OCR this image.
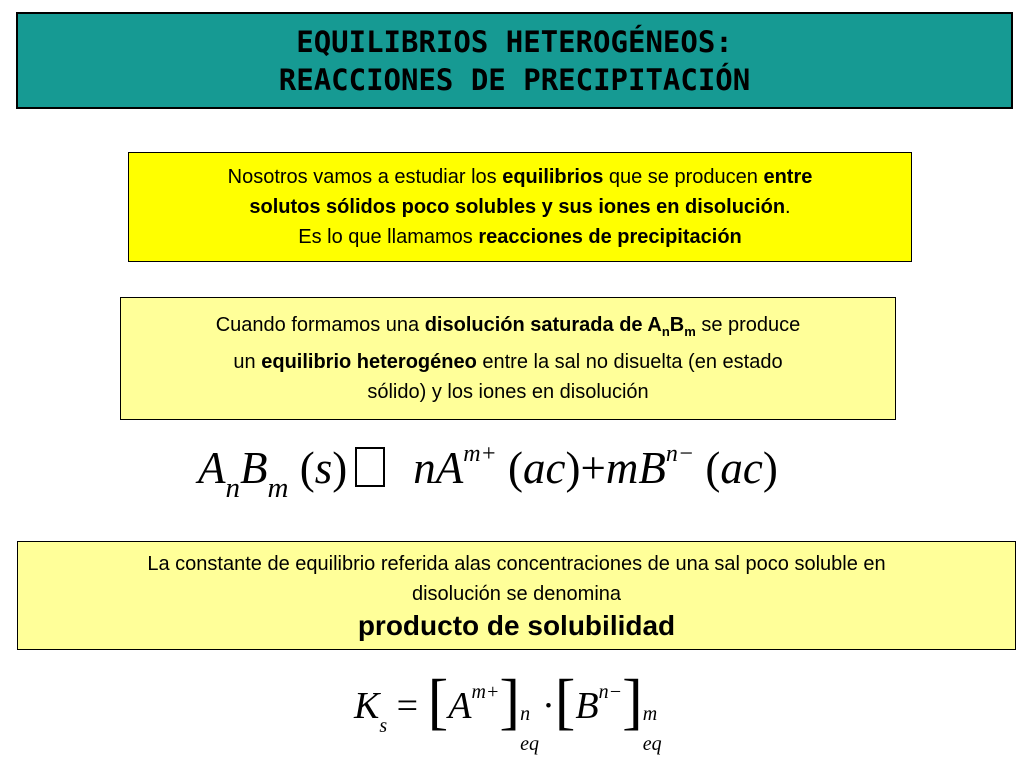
EQUILIBRIOS HETEROGÉNEOS:
REACCIONES DE PRECIPITACIÓN
Nosotros vamos a estudiar los equilibrios que se producen entre
solutos sólidos poco solubles y sus iones en disolución.
Es lo que llamamos reacciones de precipitación
Cuando formamos una disolución saturada de $A_nB_m$ se produce
un equilibrio heterogéneo entre la sal no disuelta (en estado
sólido) y los iones en disolución
$A_nB_m$ (s) $nA^{m+}$ $(ac)+mB^{n-}$ (ac)
La constante de equilibrio referida alas concentraciones de una sal poco soluble en
disolución se denomina
producto de solubilidad
$K_s = [A^{m+}]$ n
eq
$\cdot[B^{n-}]$ m
eq
